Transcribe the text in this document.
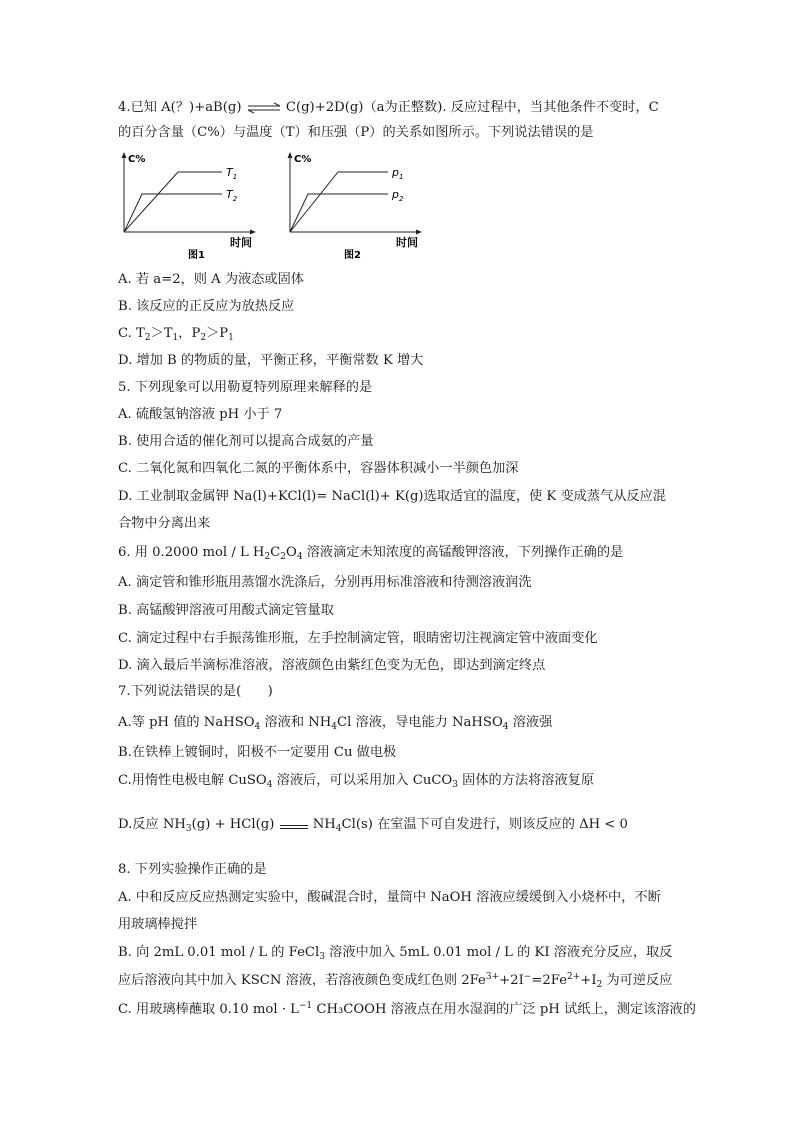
4.已知 A(？)+aB(g) ⇌ C(g)+2D(g)（a为正整数). 反应过程中，当其他条件不变时，C
的百分含量（C%）与温度（T）和压强（P）的关系如图所示。下列说法错误的是
C%
$T_1$
$T_2$
时间
图1
C%
$p_1$
$p_2$
时间
图2
A. 若 a=2，则 A 为液态或固体
B. 该反应的正反应为放热反应
C. $T_2>T_1$，$P_2>P_1$
D. 增加 B 的物质的量，平衡正移，平衡常数 K 增大
5. 下列现象可以用勒夏特列原理来解释的是
A. 硫酸氢钠溶液 pH 小于 7
B. 使用合适的催化剂可以提高合成氨的产量
C. 二氧化氮和四氧化二氮的平衡体系中，容器体积减小一半颜色加深
D. 工业制取金属钾 Na(l)+KCl(l)= NaCl(l)+ K(g)选取适宜的温度，使 K 变成蒸气从反应混
合物中分离出来
6. 用 0.2000 mol / L $H_2C_2O_4$ 溶液滴定未知浓度的高锰酸钾溶液，下列操作正确的是
A. 滴定管和锥形瓶用蒸馏水洗涤后，分别再用标准溶液和待测溶液润洗
B. 高锰酸钾溶液可用酸式滴定管量取
C. 滴定过程中右手振荡锥形瓶，左手控制滴定管，眼睛密切注视滴定管中液面变化
D. 滴入最后半滴标准溶液，溶液颜色由紫红色变为无色，即达到滴定终点
7.下列说法错误的是(　　)
A.等 pH 值的 NaHSO$_4$ 溶液和 $NH_4Cl$ 溶液，导电能力 NaHSO$_4$ 溶液强
B.在铁棒上镀铜时，阳极不一定要用 Cu 做电极
C.用惰性电极电解 CuSO$_4$ 溶液后，可以采用加入 CuCO$_3$ 固体的方法将溶液复原
D.反应 $NH_3(g) + HCl(g)$  $NH_4Cl(s)$ 在室温下可自发进行，则该反应的 ΔH < 0
8. 下列实验操作正确的是
A. 中和反应反应热测定实验中，酸碱混合时，量筒中 NaOH 溶液应缓缓倒入小烧杯中，不断
用玻璃棒搅拌
B. 向 2mL 0.01 mol / L 的 FeCl$_3$ 溶液中加入 5mL 0.01 mol / L 的 KI 溶液充分反应，取反
应后溶液向其中加入 KSCN 溶液，若溶液颜色变成红色则 $2Fe^{3+}+2I^-=2Fe^{2+}+I_2$ 为可逆反应
C. 用玻璃棒蘸取 0.10 mol · $L^{-1}$ CH₃COOH 溶液点在用水湿润的广泛 pH 试纸上，测定该溶液的
